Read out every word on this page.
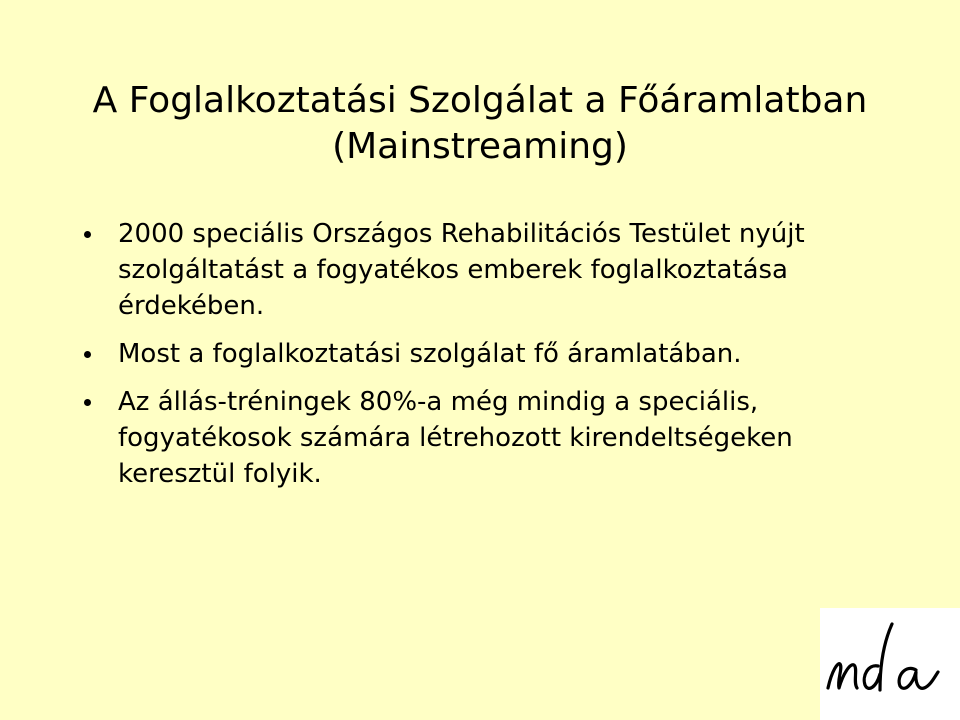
A Foglalkoztatási Szolgálat a Főáramlatban
(Mainstreaming)
2000 speciális Országos Rehabilitációs Testület nyújt szolgáltatást a fogyatékos emberek foglalkoztatása érdekében.
Most a foglalkoztatási szolgálat fő áramlatában.
Az állás-tréningek 80%-a még mindig a speciális, fogyatékosok számára létrehozott kirendeltségeken keresztül folyik.
